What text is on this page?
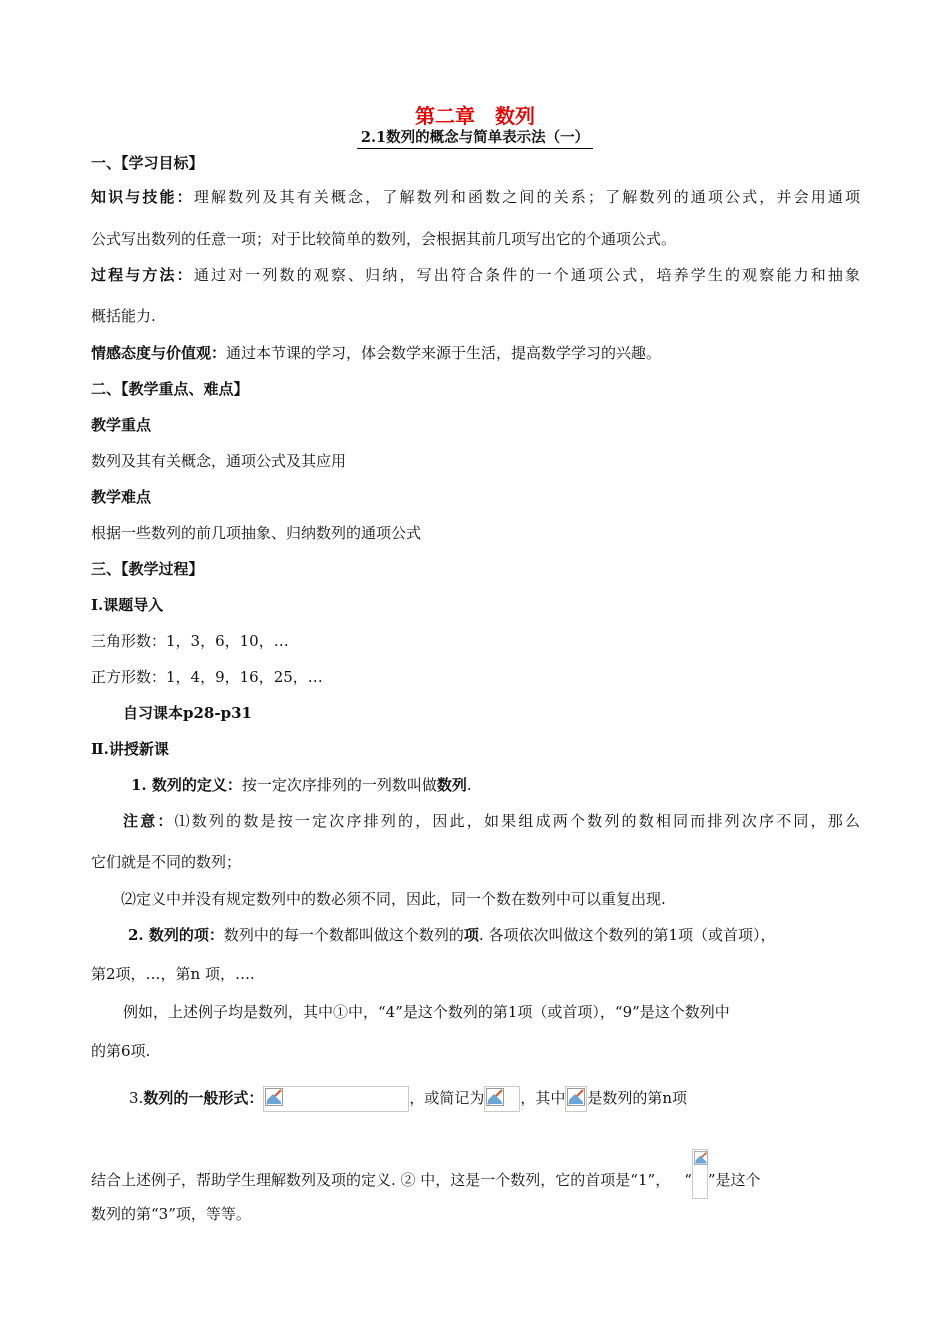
第二章　数列
2.1数列的概念与简单表示法（一）
一、【学习目标】
知识与技能：理解数列及其有关概念，了解数列和函数之间的关系；了解数列的通项公式，并会用通项
公式写出数列的任意一项；对于比较简单的数列，会根据其前几项写出它的个通项公式。
过程与方法：通过对一列数的观察、归纳，写出符合条件的一个通项公式，培养学生的观察能力和抽象
概括能力.
情感态度与价值观：通过本节课的学习，体会数学来源于生活，提高数学学习的兴趣。
二、【教学重点、难点】
教学重点
数列及其有关概念，通项公式及其应用
教学难点
根据一些数列的前几项抽象、归纳数列的通项公式
三、【教学过程】
Ⅰ.课题导入
三角形数：1，3，6，10，…
正方形数：1，4，9，16，25，…
自习课本p28-p31
Ⅱ.讲授新课
1. 数列的定义：按一定次序排列的一列数叫做数列.
注意：⑴数列的数是按一定次序排列的，因此，如果组成两个数列的数相同而排列次序不同，那么
它们就是不同的数列；
⑵定义中并没有规定数列中的数必须不同，因此，同一个数在数列中可以重复出现.
2. 数列的项：数列中的每一个数都叫做这个数列的项. 各项依次叫做这个数列的第1项（或首项），
第2项，…，第n 项，….
例如，上述例子均是数列，其中①中，“4”是这个数列的第1项（或首项），“9”是这个数列中
的第6项.
3.数列的一般形式：	，或简记为 ，其中 是数列的第n项
结合上述例子，帮助学生理解数列及项的定义. ② 中，这是一个数列，它的首项是“1”， “ ”是这个
数列的第“3”项，等等。
